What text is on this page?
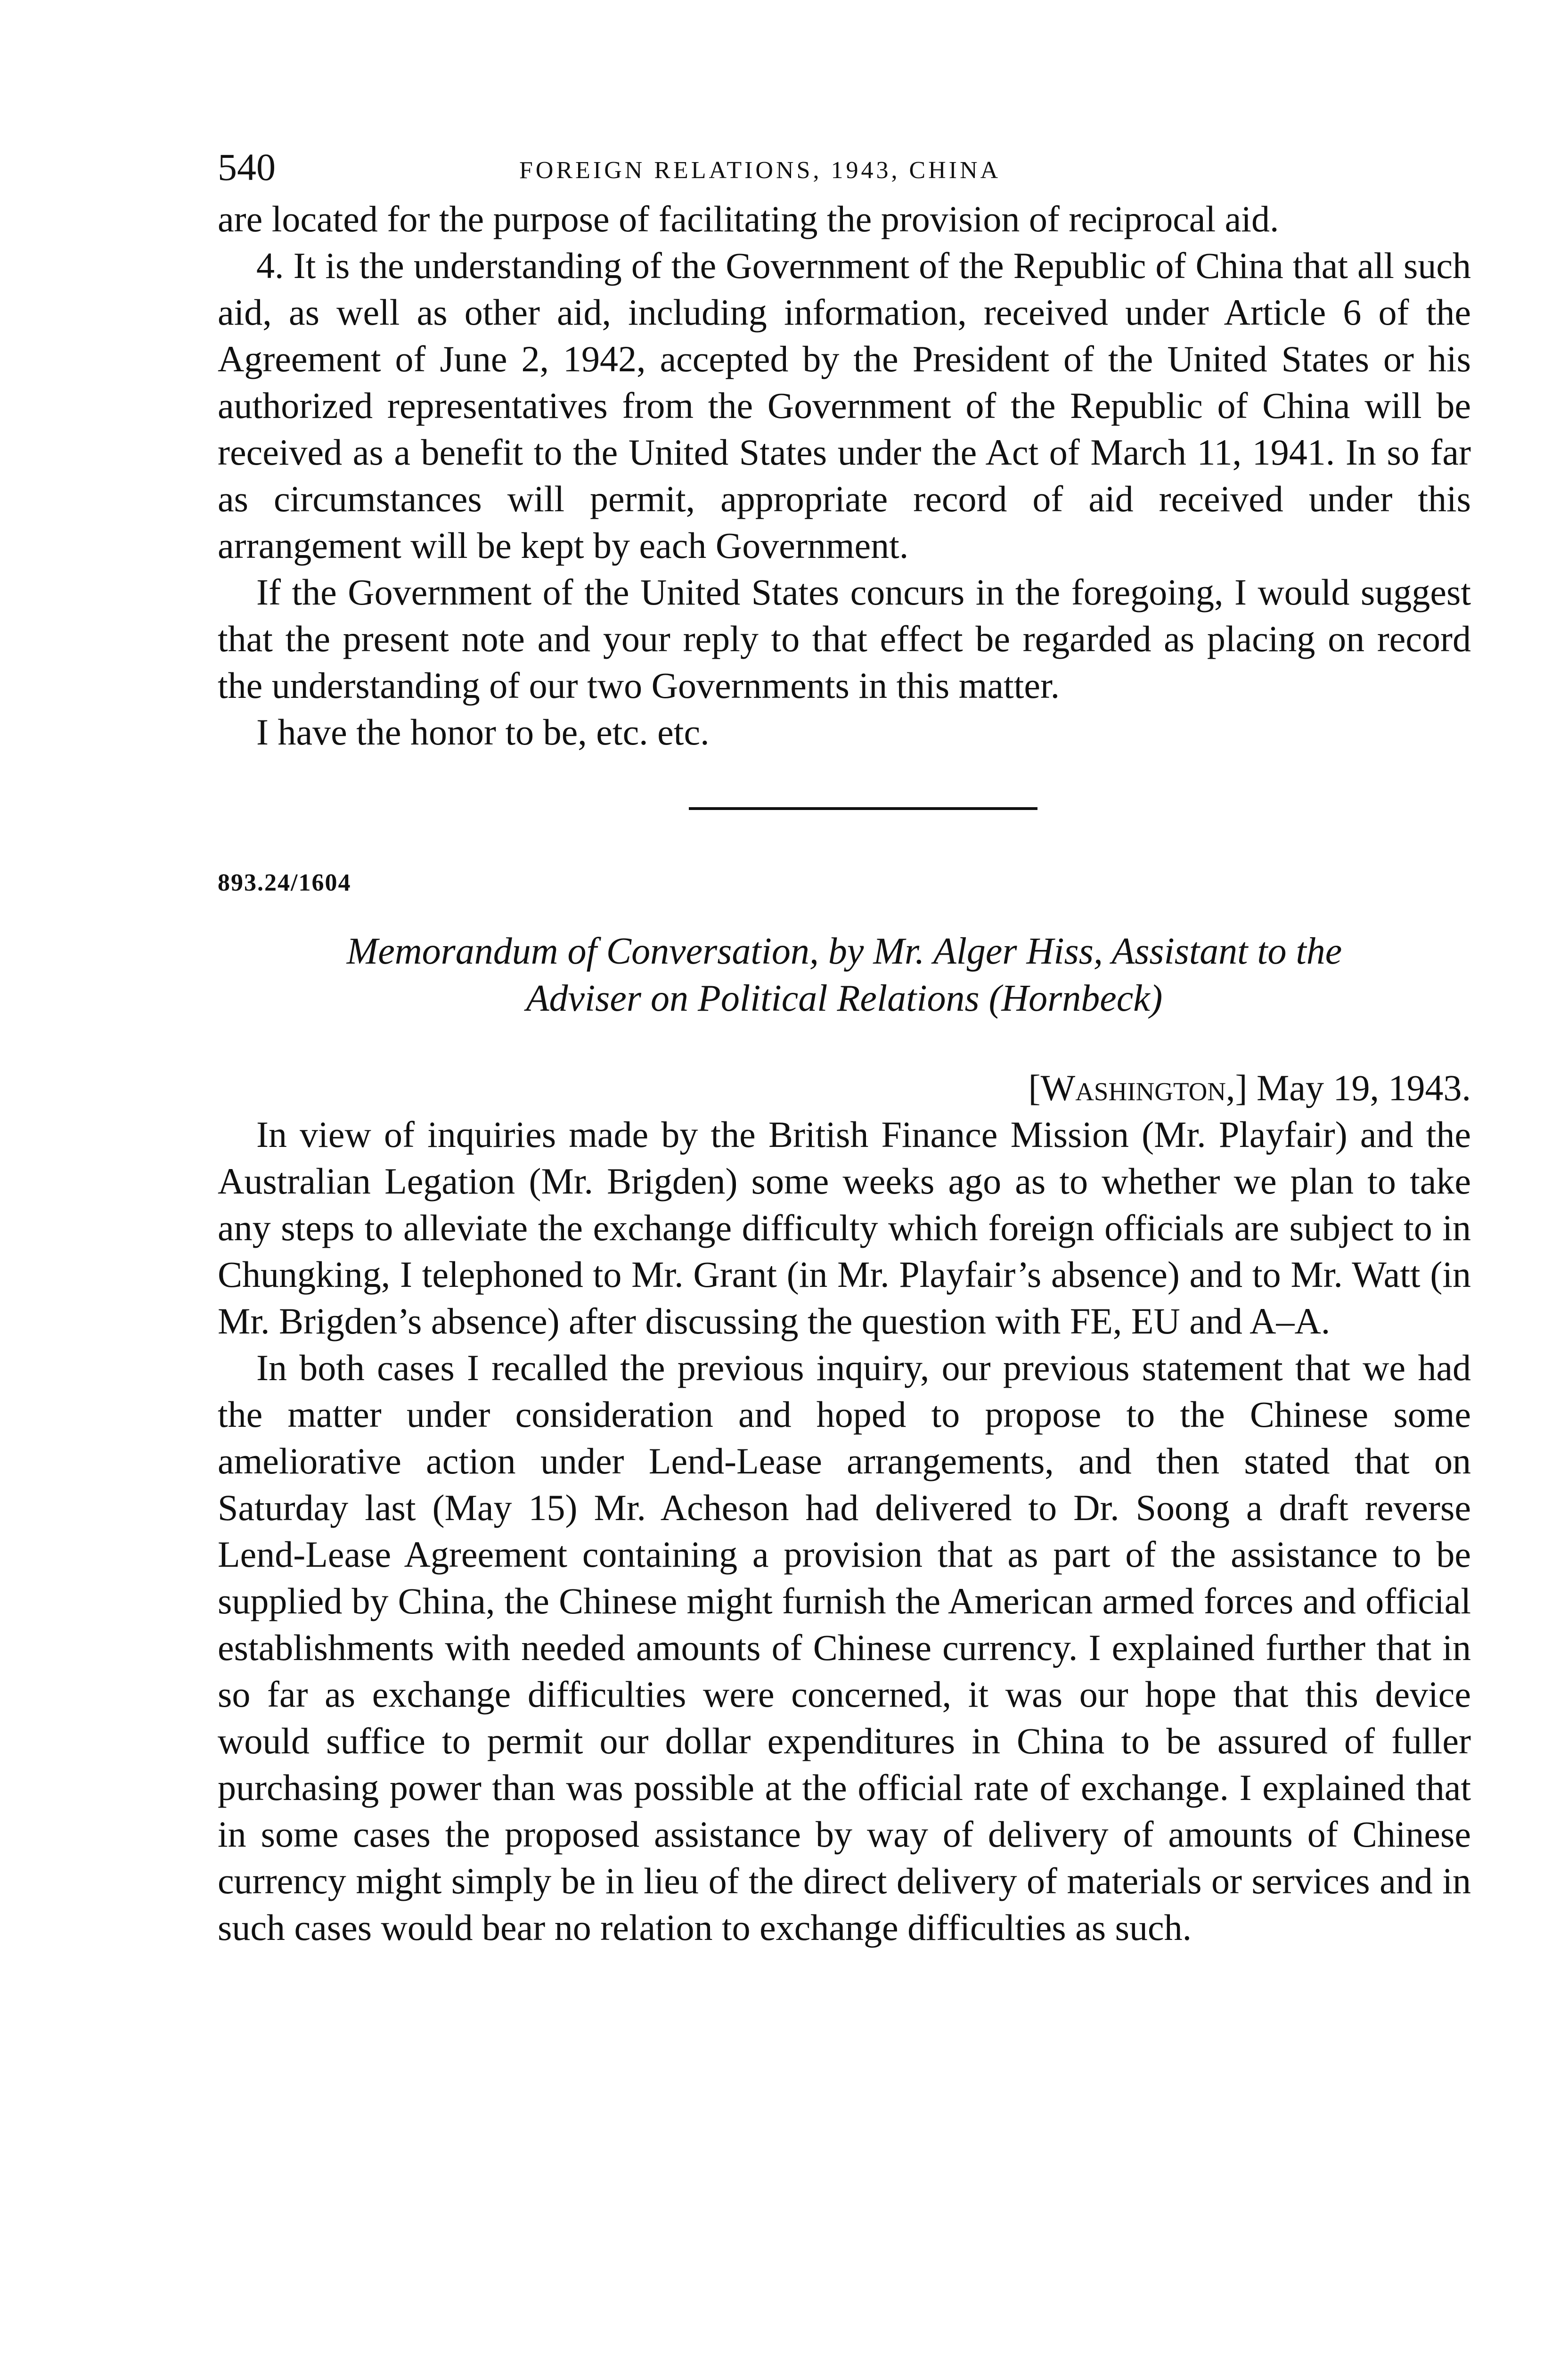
540	FOREIGN RELATIONS, 1943, CHINA

are located for the purpose of facilitating the provision of reciprocal aid.

4. It is the understanding of the Government of the Republic of China that all such aid, as well as other aid, including information, received under Article 6 of the Agreement of June 2, 1942, accepted by the President of the United States or his authorized representatives from the Government of the Republic of China will be received as a benefit to the United States under the Act of March 11, 1941. In so far as circumstances will permit, appropriate record of aid received under this arrangement will be kept by each Government.

If the Government of the United States concurs in the foregoing, I would suggest that the present note and your reply to that effect be regarded as placing on record the understanding of our two Governments in this matter.

I have the honor to be, etc. etc.

893.24/1604
Memorandum of Conversation, by Mr. Alger Hiss, Assistant to the
Adviser on Political Relations (Hornbeck)
[Washington,] May 19, 1943.

In view of inquiries made by the British Finance Mission (Mr. Playfair) and the Australian Legation (Mr. Brigden) some weeks ago as to whether we plan to take any steps to alleviate the exchange difficulty which foreign officials are subject to in Chungking, I telephoned to Mr. Grant (in Mr. Playfair’s absence) and to Mr. Watt (in Mr. Brigden’s absence) after discussing the question with FE, EU and A–A.

In both cases I recalled the previous inquiry, our previous statement that we had the matter under consideration and hoped to propose to the Chinese some ameliorative action under Lend-Lease arrangements, and then stated that on Saturday last (May 15) Mr. Acheson had delivered to Dr. Soong a draft reverse Lend-Lease Agreement containing a provision that as part of the assistance to be supplied by China, the Chinese might furnish the American armed forces and official establishments with needed amounts of Chinese currency. I explained further that in so far as exchange difficulties were concerned, it was our hope that this device would suffice to permit our dollar expenditures in China to be assured of fuller purchasing power than was possible at the official rate of exchange. I explained that in some cases the proposed assistance by way of delivery of amounts of Chinese currency might simply be in lieu of the direct delivery of materials or services and in such cases would bear no relation to exchange difficulties as such.
